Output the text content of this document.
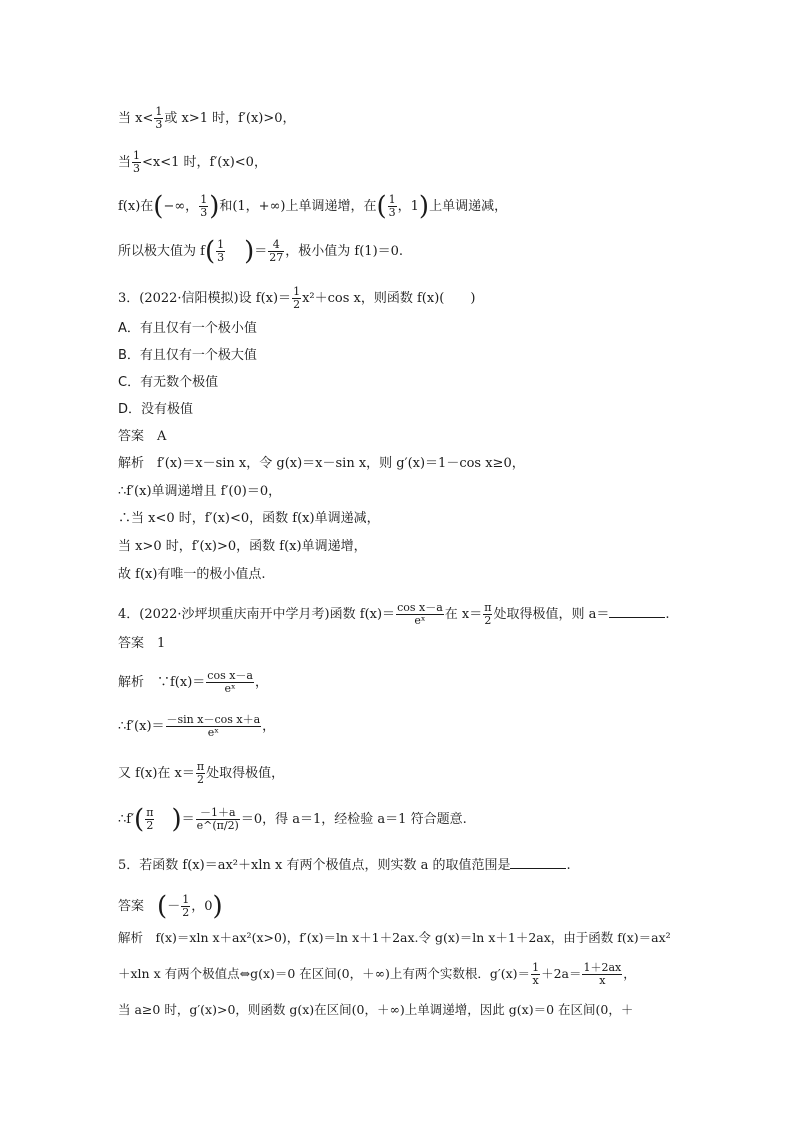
当 $x< \frac{1}{3}$ 或 x>1 时，f′(x)>0，
当 $\frac{1}{3} <x<1$ 时，f′(x)<0，
f(x)在(−∞， $\frac{1}{3}$ )和(1，+∞)上单调递增，在( $\frac{1}{3}$ ，1)上单调递减，
所以极大值为 $f( \frac{1}{3}$ )＝ $\frac{4}{27}$ ，极小值为 f(1)＝0.
3．(2022·信阳模拟)设 $f(x)= \frac{1}{2} x^2+\cos$ x，则函数 f(x)(　　)
A．有且仅有一个极小值
B．有且仅有一个极大值
C．有无数个极值
D．没有极值
答案　 A
解析　f′(x)＝x－sin x，令 g(x)＝x－sin x，则 g′(x)＝1－cos x≥0，
∴f′(x)单调递增且 f′(0)＝0，
∴当 x<0 时，f′(x)<0，函数 f(x)单调递减，
当 x>0 时，f′(x)>0，函数 f(x)单调递增，
故 f(x)有唯一的极小值点.
4．(2022·沙坪坝重庆南开中学月考)函数 $f(x)= \frac{\text{cos x－a}}{\text{eˣ}}$ 在 $x= \frac{\pi}{2}$ 处取得极值，则 a＝	.
答案　 1
解析　∵f(x)＝ $\frac{\text{cos x－a}}{\text{eˣ}}$ ，
∴f′(x)＝ $\frac{\text{－sin x－cos x＋a}}{\text{eˣ}}$ ，
又 f(x)在 $x= \frac{\pi}{2}$ 处取得极值，
∴f′( $\frac{\pi}{2}$ )＝ $\frac{-1+a}{e\^{}(\pi/2)} =0$，得 a＝1，经检验 a＝1 符合题意.
5．若函数 f(x)＝ax²＋xln x 有两个极值点，则实数 a 的取值范围是	.
答案　 (－ $\frac{1}{2}$ ，0)
解析　f(x)＝xln x＋ax²(x>0)，f′(x)＝ln x＋1＋2ax.令 g(x)＝ln x＋1＋2ax，由于函数 f(x)＝ax²
＋xln x 有两个极值点⇔g(x)＝0 在区间(0，＋∞)上有两个实数根．$g'(x)= \frac{1}{x} +2a= \frac{1+2ax}{x}$ ，
当 a≥0 时，g′(x)>0，则函数 g(x)在区间(0，＋∞)上单调递增，因此 g(x)＝0 在区间(0，＋
